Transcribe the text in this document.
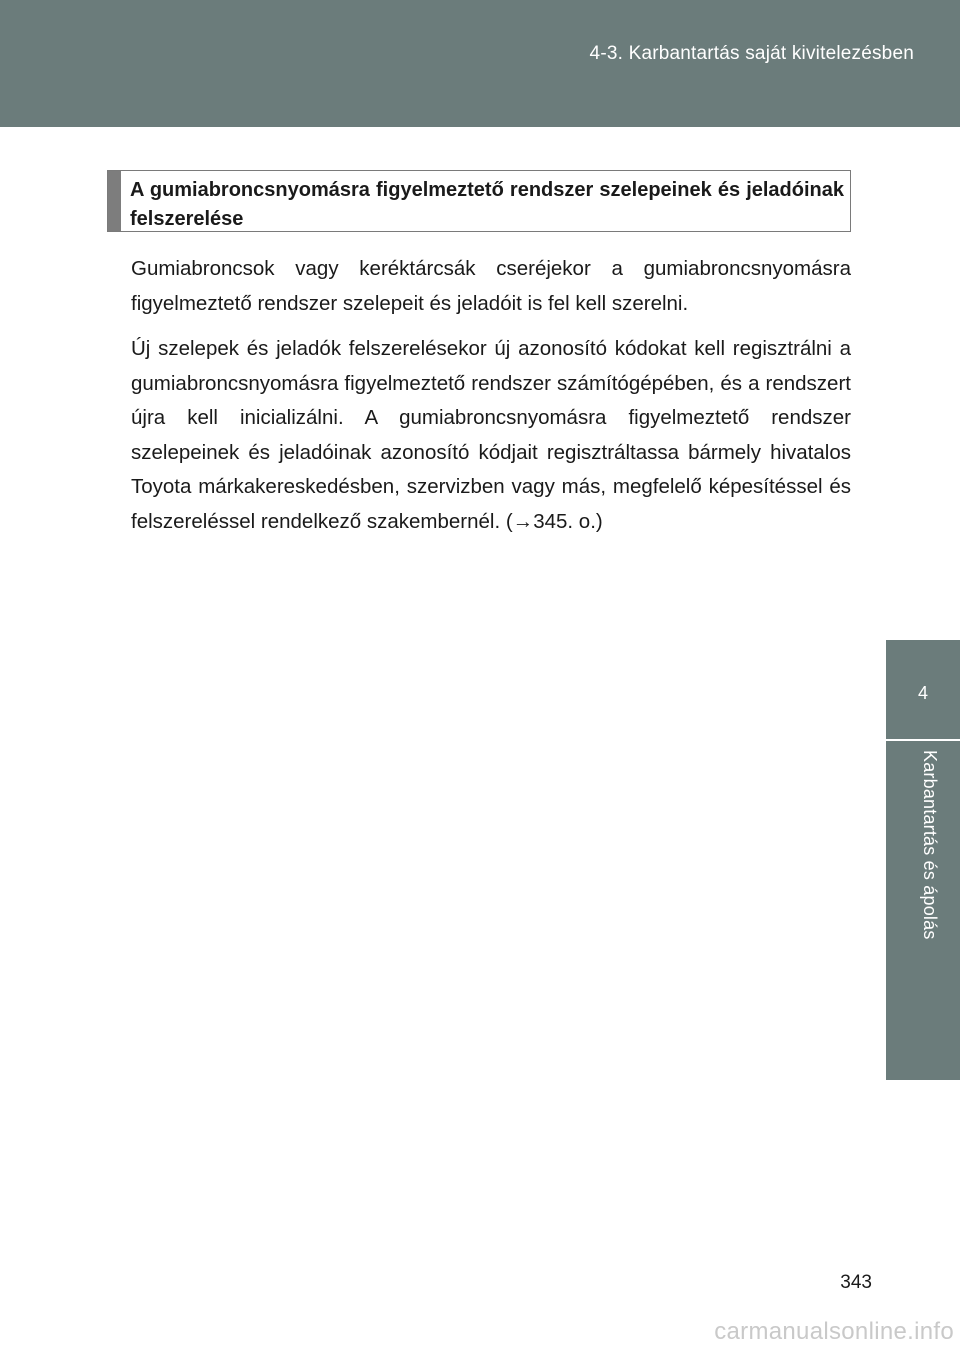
4-3. Karbantartás saját kivitelezésben
4
Karbantartás és ápolás
A gumiabroncsnyomásra figyelmeztető rendszer szelepeinek és jeladóinak felszerelése

Gumiabroncsok vagy keréktárcsák cseréjekor a gumiabroncsnyomásra figyelmeztető rendszer szelepeit és jeladóit is fel kell szerelni.

Új szelepek és jeladók felszerelésekor új azonosító kódokat kell regisztrálni a gumiabroncsnyomásra figyelmeztető rendszer számítógépében, és a rendszert újra kell inicializálni. A gumiabroncsnyomásra figyelmeztető rendszer szelepeinek és jeladóinak azonosító kódjait regisztráltassa bármely hivatalos Toyota márkakereskedésben, szervizben vagy más, megfelelő képesítéssel és felszereléssel rendelkező szakembernél. (→345. o.)

343
carmanualsonline.info
